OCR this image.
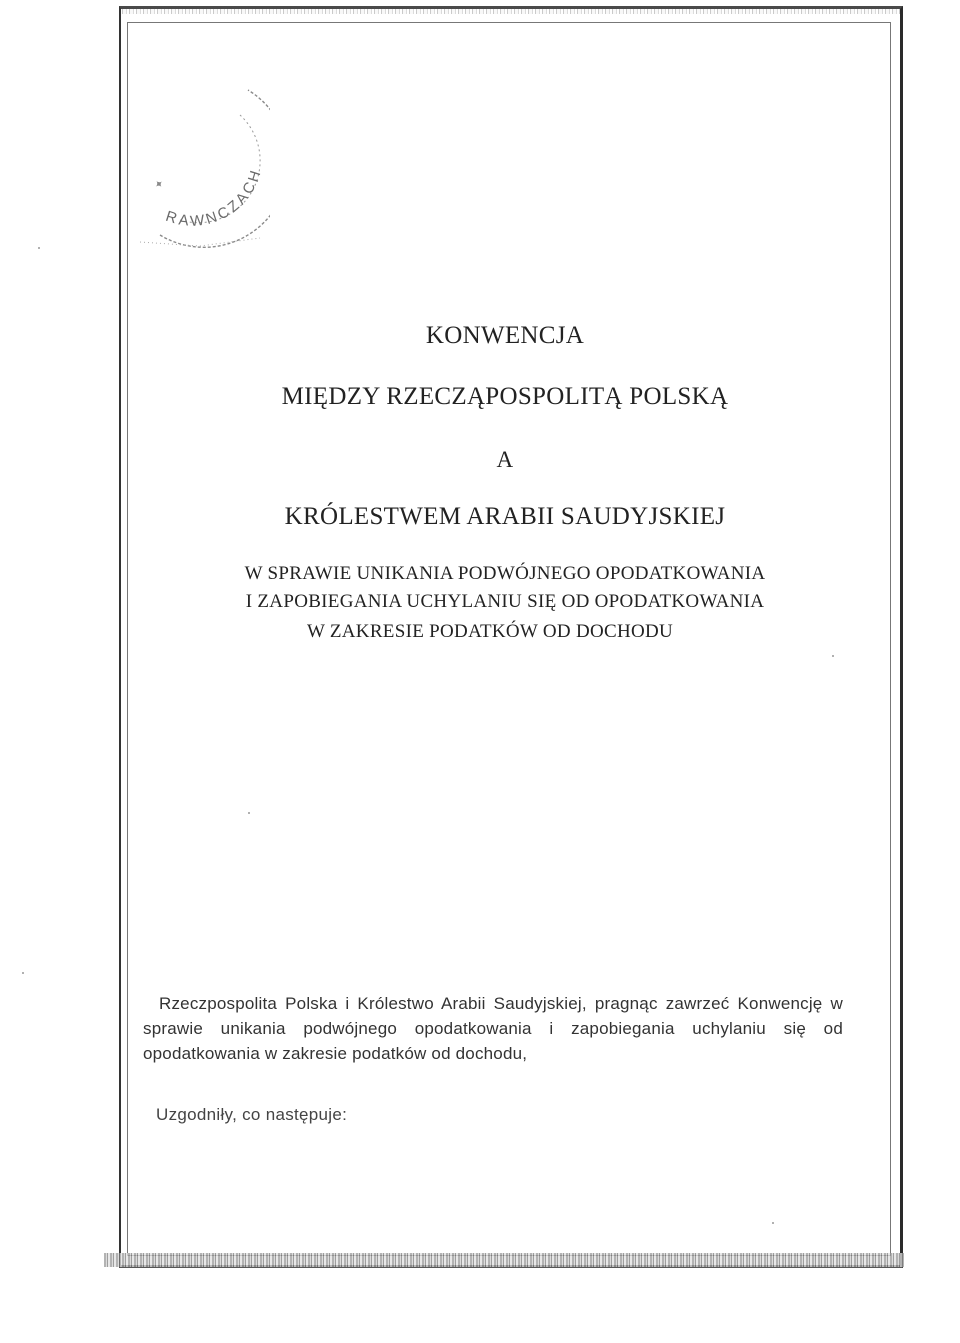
RAWNCZACH
✦
KONWENCJA
MIĘDZY RZECZĄPOSPOLITĄ POLSKĄ
A
KRÓLESTWEM ARABII SAUDYJSKIEJ
W SPRAWIE UNIKANIA PODWÓJNEGO OPODATKOWANIA
I ZAPOBIEGANIA UCHYLANIU SIĘ OD OPODATKOWANIA
W ZAKRESIE PODATKÓW OD DOCHODU

Rzeczpospolita Polska i Królestwo Arabii Saudyjskiej, pragnąc zawrzeć Konwencję w sprawie unikania podwójnego opodatkowania i zapobiegania uchylaniu się od opodatkowania w zakresie podatków od dochodu,

Uzgodniły, co następuje:
